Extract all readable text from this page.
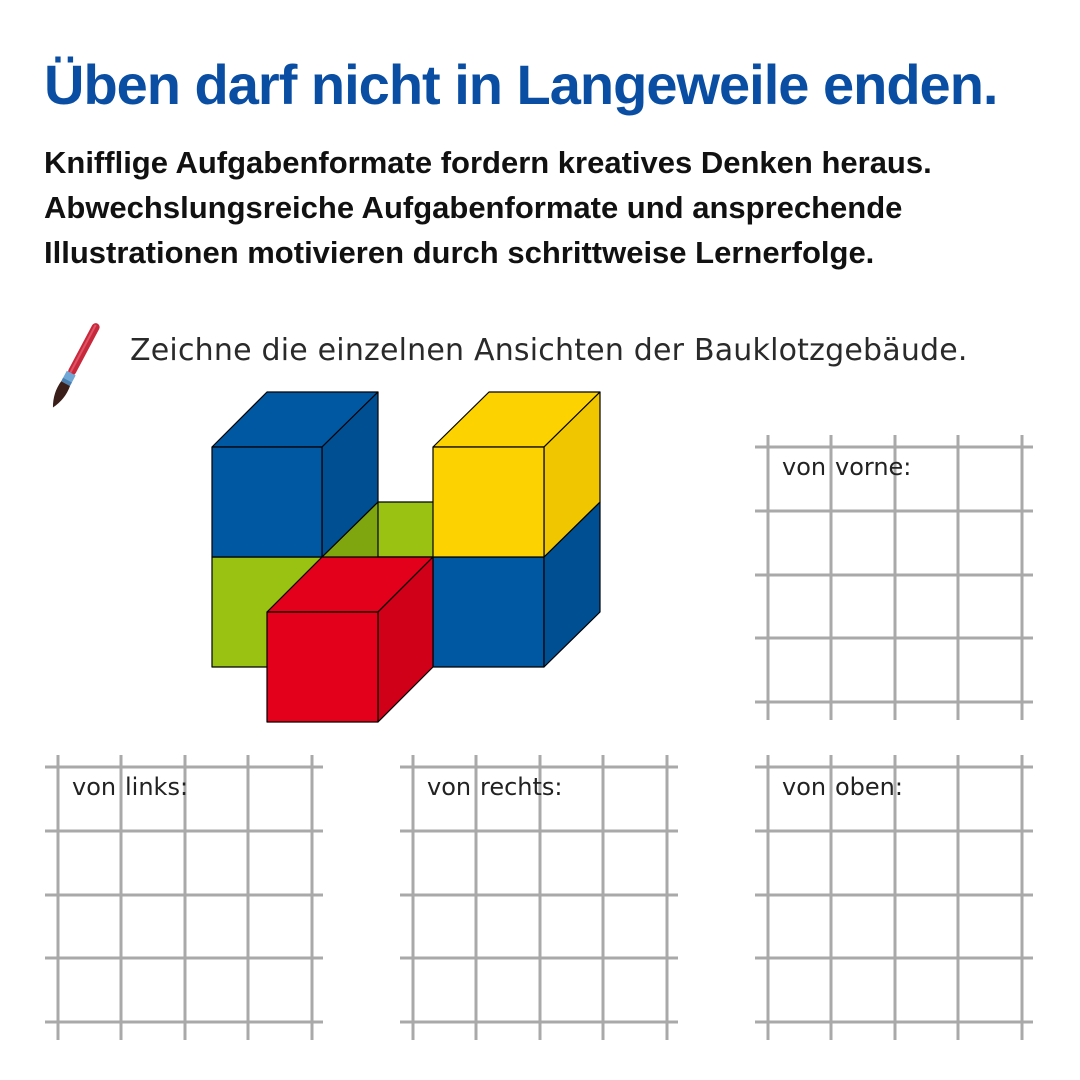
Üben darf nicht in Langeweile enden.
Knifflige Aufgabenformate fordern kreatives Denken heraus.
Abwechslungsreiche Aufgabenformate und ansprechende
Illustrationen motivieren durch schrittweise Lernerfolge.
Zeichne die einzelnen Ansichten der Bauklotzgebäude.
von vorne:
von links:	von rechts:	von oben:
